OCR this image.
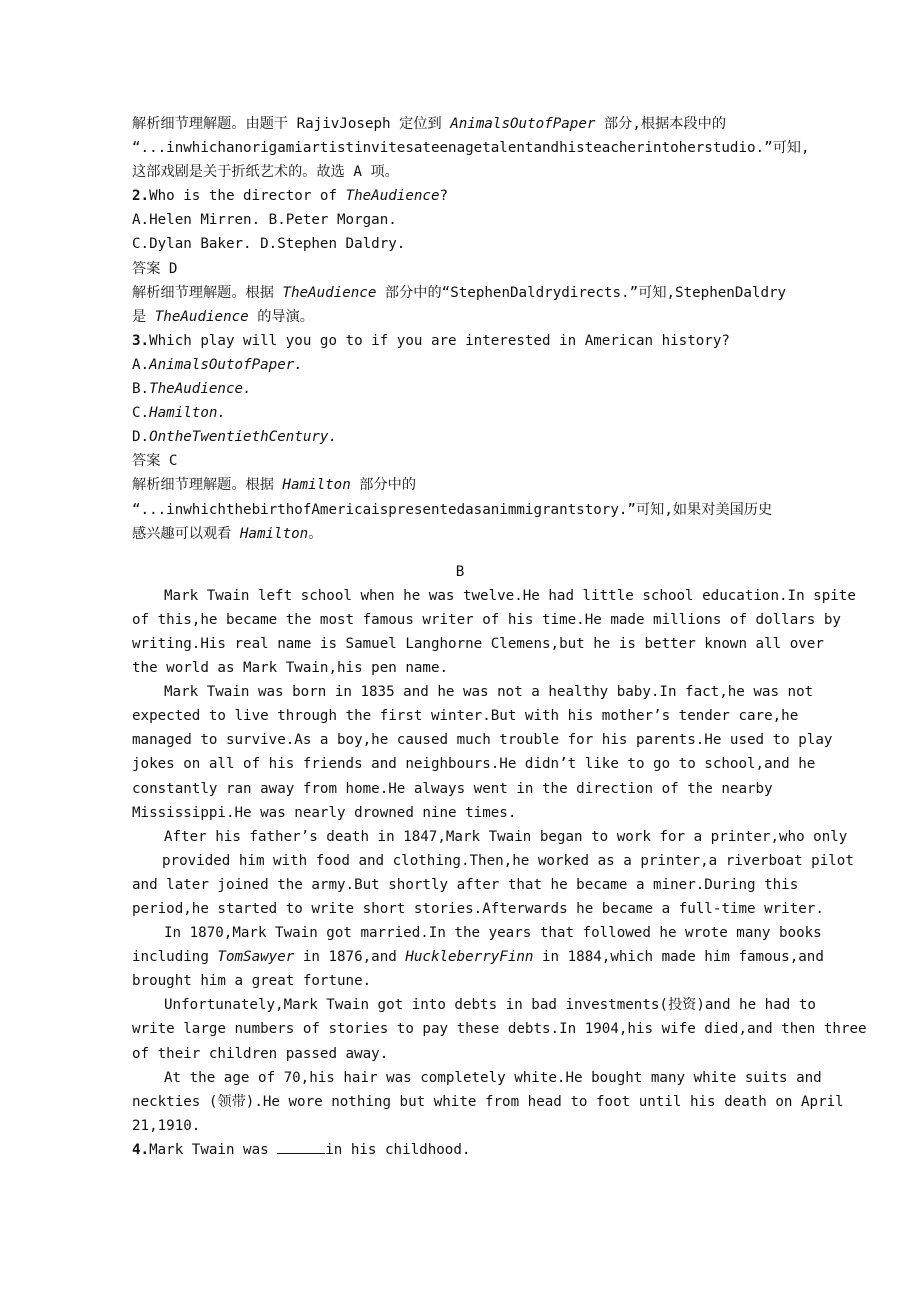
解析细节理解题。由题干 RajivJoseph 定位到 AnimalsOutofPaper 部分,根据本段中的
“...inwhichanorigamiartistinvitesateenagetalentandhisteacherintoherstudio.”可知,
这部戏剧是关于折纸艺术的。故选 A 项。
2.Who is the director of TheAudience?
A.Helen Mirren. B.Peter Morgan.
C.Dylan Baker. D.Stephen Daldry.
答案 D
解析细节理解题。根据 TheAudience 部分中的“StephenDaldrydirects.”可知,StephenDaldry
是 TheAudience 的导演。
3.Which play will you go to if you are interested in American history?
A.AnimalsOutofPaper.
B.TheAudience.
C.Hamilton.
D.OntheTwentiethCentury.
答案 C
解析细节理解题。根据 Hamilton 部分中的
“...inwhichthebirthofAmericaispresentedasanimmigrantstory.”可知,如果对美国历史
感兴趣可以观看 Hamilton。
B
Mark Twain left school when he was twelve.He had little school education.In spite
of this,he became the most famous writer of his time.He made millions of dollars by
writing.His real name is Samuel Langhorne Clemens,but he is better known all over
the world as Mark Twain,his pen name.
Mark Twain was born in 1835 and he was not a healthy baby.In fact,he was not
expected to live through the first winter.But with his mother’s tender care,he
managed to survive.As a boy,he caused much trouble for his parents.He used to play
jokes on all of his friends and neighbours.He didn’t like to go to school,and he
constantly ran away from home.He always went in the direction of the nearby
Mississippi.He was nearly drowned nine times.
After his father’s death in 1847,Mark Twain began to work for a printer,who only
provided him with food and clothing.Then,he worked as a printer,a riverboat pilot
and later joined the army.But shortly after that he became a miner.During this
period,he started to write short stories.Afterwards he became a full-time writer.
In 1870,Mark Twain got married.In the years that followed he wrote many books
including TomSawyer in 1876,and HuckleberryFinn in 1884,which made him famous,and
brought him a great fortune.
Unfortunately,Mark Twain got into debts in bad investments(投资)and he had to
write large numbers of stories to pay these debts.In 1904,his wife died,and then three
of their children passed away.
At the age of 70,his hair was completely white.He bought many white suits and
neckties (领带).He wore nothing but white from head to foot until his death on April
21,1910.
4.Mark Twain was	in his childhood.
